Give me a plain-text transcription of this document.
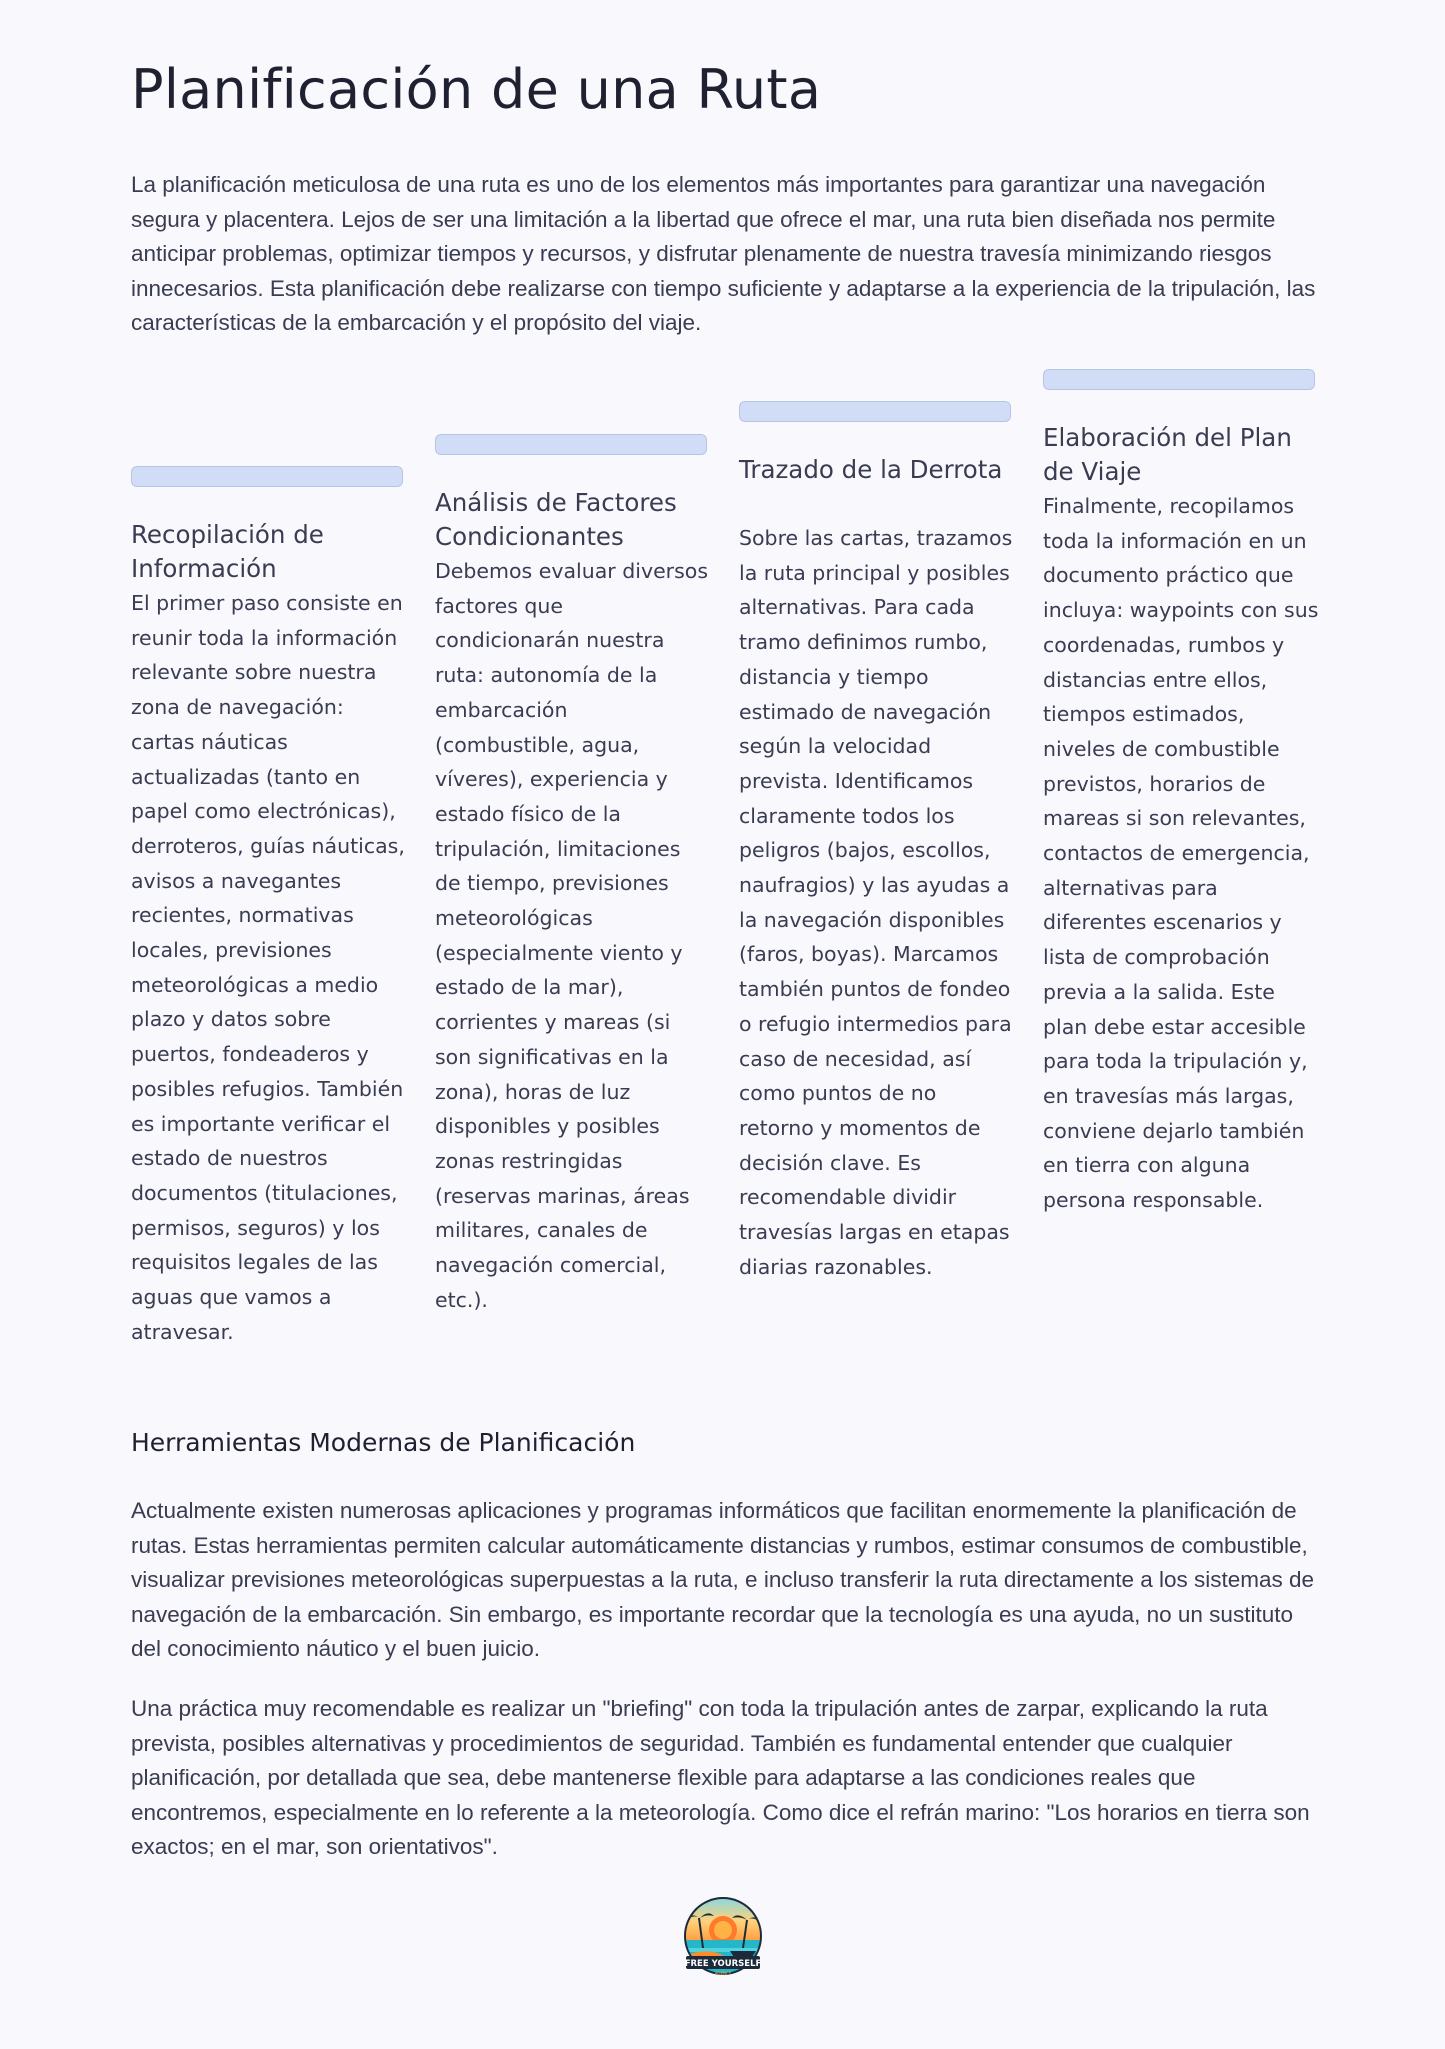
Planificación de una Ruta

La planificación meticulosa de una ruta es uno de los elementos más importantes para garantizar una navegación segura y placentera. Lejos de ser una limitación a la libertad que ofrece el mar, una ruta bien diseñada nos permite anticipar problemas, optimizar tiempos y recursos, y disfrutar plenamente de nuestra travesía minimizando riesgos innecesarios. Esta planificación debe realizarse con tiempo suficiente y adaptarse a la experiencia de la tripulación, las características de la embarcación y el propósito del viaje.

Recopilación de Información

El primer paso consiste en reunir toda la información relevante sobre nuestra zona de navegación: cartas náuticas actualizadas (tanto en papel como electrónicas), derroteros, guías náuticas, avisos a navegantes recientes, normativas locales, previsiones meteorológicas a medio plazo y datos sobre puertos, fondeaderos y posibles refugios. También es importante verificar el estado de nuestros documentos (titulaciones, permisos, seguros) y los requisitos legales de las aguas que vamos a atravesar.

Análisis de Factores Condicionantes

Debemos evaluar diversos factores que condicionarán nuestra ruta: autonomía de la embarcación (combustible, agua, víveres), experiencia y estado físico de la tripulación, limitaciones de tiempo, previsiones meteorológicas (especialmente viento y estado de la mar), corrientes y mareas (si son significativas en la zona), horas de luz disponibles y posibles zonas restringidas (reservas marinas, áreas militares, canales de navegación comercial, etc.).

Trazado de la Derrota

Sobre las cartas, trazamos la ruta principal y posibles alternativas. Para cada tramo definimos rumbo, distancia y tiempo estimado de navegación según la velocidad prevista. Identificamos claramente todos los peligros (bajos, escollos, naufragios) y las ayudas a la navegación disponibles (faros, boyas). Marcamos también puntos de fondeo o refugio intermedios para caso de necesidad, así como puntos de no retorno y momentos de decisión clave. Es recomendable dividir travesías largas en etapas diarias razonables.

Elaboración del Plan de Viaje

Finalmente, recopilamos toda la información en un documento práctico que incluya: waypoints con sus coordenadas, rumbos y distancias entre ellos, tiempos estimados, niveles de combustible previstos, horarios de mareas si son relevantes, contactos de emergencia, alternativas para diferentes escenarios y lista de comprobación previa a la salida. Este plan debe estar accesible para toda la tripulación y, en travesías más largas, conviene dejarlo también en tierra con alguna persona responsable.

Herramientas Modernas de Planificación

Actualmente existen numerosas aplicaciones y programas informáticos que facilitan enormemente la planificación de rutas. Estas herramientas permiten calcular automáticamente distancias y rumbos, estimar consumos de combustible, visualizar previsiones meteorológicas superpuestas a la ruta, e incluso transferir la ruta directamente a los sistemas de navegación de la embarcación. Sin embargo, es importante recordar que la tecnología es una ayuda, no un sustituto del conocimiento náutico y el buen juicio.

Una práctica muy recomendable es realizar un "briefing" con toda la tripulación antes de zarpar, explicando la ruta prevista, posibles alternativas y procedimientos de seguridad. También es fundamental entender que cualquier planificación, por detallada que sea, debe mantenerse flexible para adaptarse a las condiciones reales que encontremos, especialmente en lo referente a la meteorología. Como dice el refrán marino: "Los horarios en tierra son exactos; en el mar, son orientativos".

FREE YOURSELF
AGENCY
